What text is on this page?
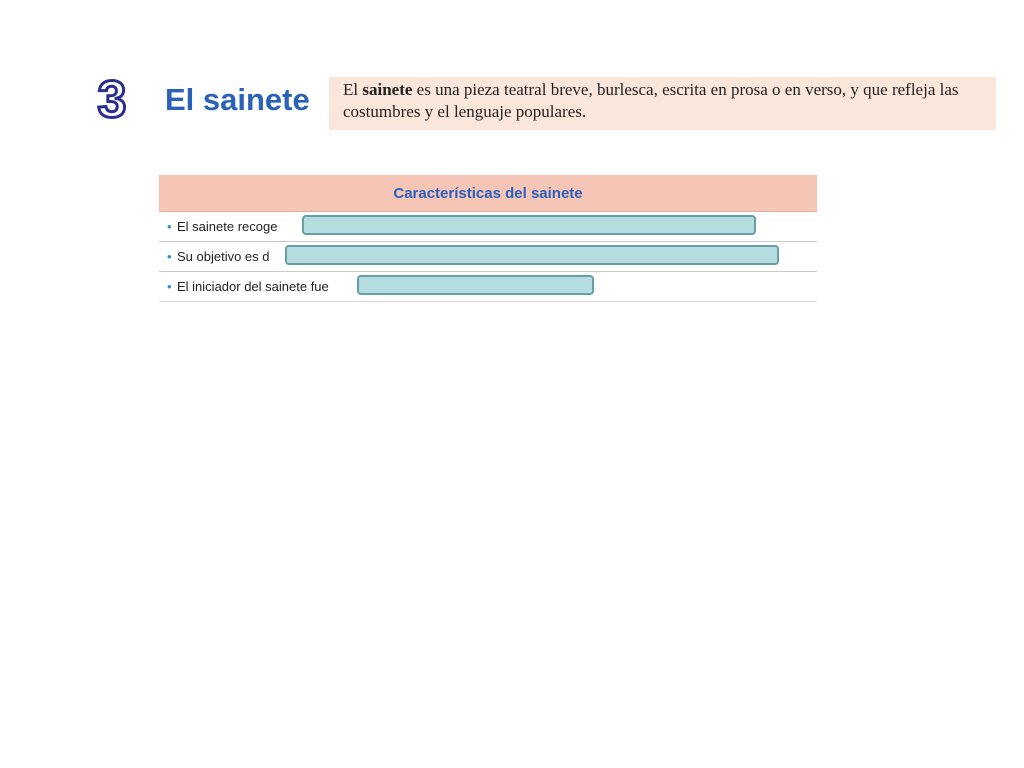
3 El sainete	El sainete es una pieza teatral breve, burlesca, escrita en prosa o en verso, y que refleja las costumbres y el lenguaje populares.
Características del sainete
• El sainete recoge
• Su objetivo es d
• El iniciador del sainete fue
